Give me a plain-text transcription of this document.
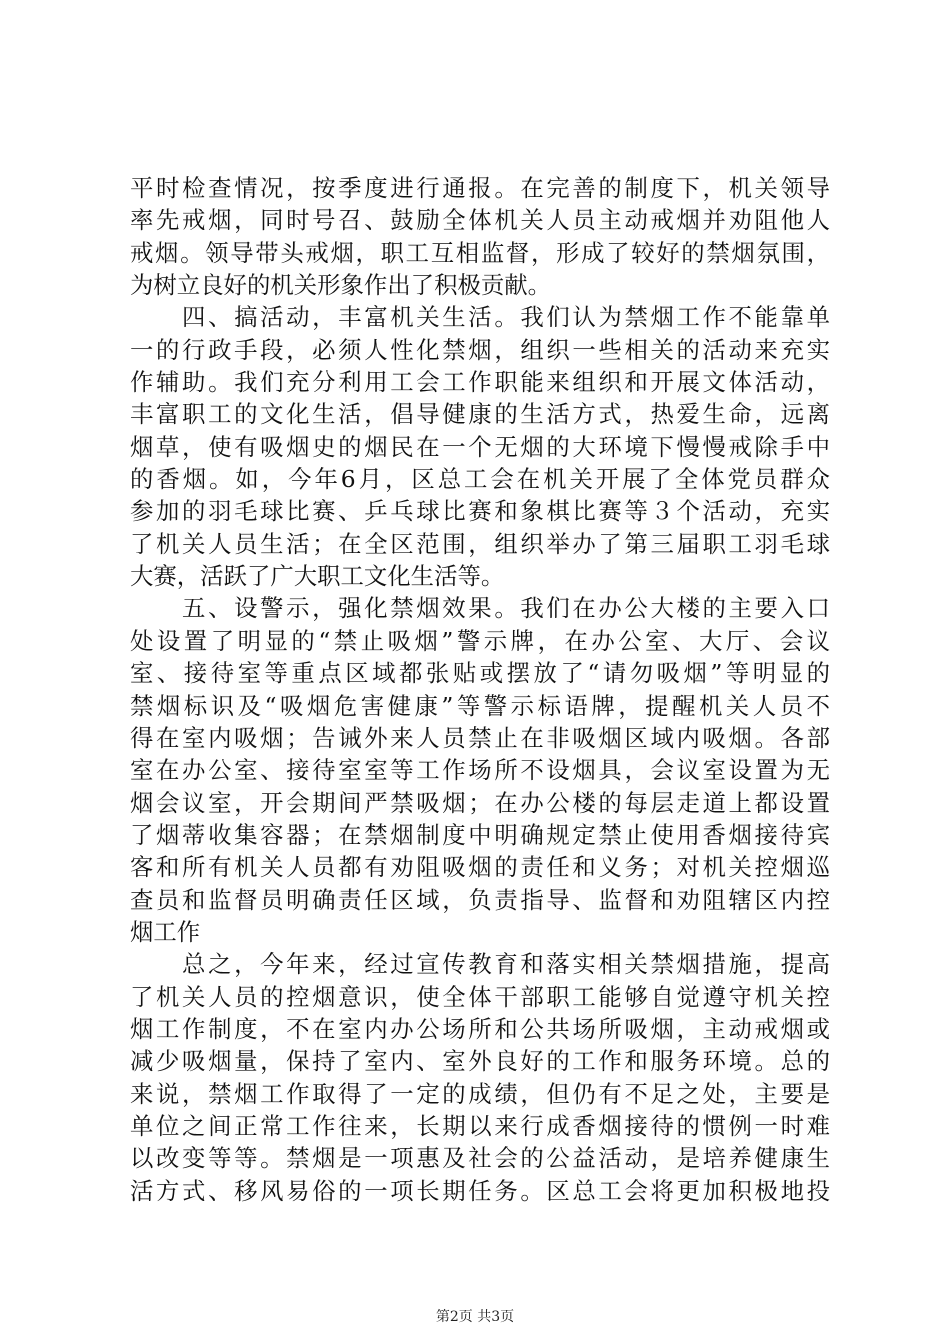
平时检查情况，按季度进行通报。在完善的制度下，机关领导
率先戒烟，同时号召、鼓励全体机关人员主动戒烟并劝阻他人
戒烟。领导带头戒烟，职工互相监督，形成了较好的禁烟氛围，
为树立良好的机关形象作出了积极贡献。
　　四、搞活动，丰富机关生活。我们认为禁烟工作不能靠单
一的行政手段，必须人性化禁烟，组织一些相关的活动来充实
作辅助。我们充分利用工会工作职能来组织和开展文体活动，
丰富职工的文化生活，倡导健康的生活方式，热爱生命，远离
烟草，使有吸烟史的烟民在一个无烟的大环境下慢慢戒除手中
的香烟。如，今年6月，区总工会在机关开展了全体党员群众
参加的羽毛球比赛、乒乓球比赛和象棋比赛等３个活动，充实
了机关人员生活；在全区范围，组织举办了第三届职工羽毛球
大赛，活跃了广大职工文化生活等。
　　五、设警示，强化禁烟效果。我们在办公大楼的主要入口
处设置了明显的“禁止吸烟”警示牌，在办公室、大厅、会议
室、接待室等重点区域都张贴或摆放了“请勿吸烟”等明显的
禁烟标识及“吸烟危害健康”等警示标语牌，提醒机关人员不
得在室内吸烟；告诫外来人员禁止在非吸烟区域内吸烟。各部
室在办公室、接待室室等工作场所不设烟具，会议室设置为无
烟会议室，开会期间严禁吸烟；在办公楼的每层走道上都设置
了烟蒂收集容器；在禁烟制度中明确规定禁止使用香烟接待宾
客和所有机关人员都有劝阻吸烟的责任和义务；对机关控烟巡
查员和监督员明确责任区域，负责指导、监督和劝阻辖区内控
烟工作
　　总之，今年来，经过宣传教育和落实相关禁烟措施，提高
了机关人员的控烟意识，使全体干部职工能够自觉遵守机关控
烟工作制度，不在室内办公场所和公共场所吸烟，主动戒烟或
减少吸烟量，保持了室内、室外良好的工作和服务环境。总的
来说，禁烟工作取得了一定的成绩，但仍有不足之处，主要是
单位之间正常工作往来，长期以来行成香烟接待的惯例一时难
以改变等等。禁烟是一项惠及社会的公益活动，是培养健康生
活方式、移风易俗的一项长期任务。区总工会将更加积极地投
第2页 共3页
